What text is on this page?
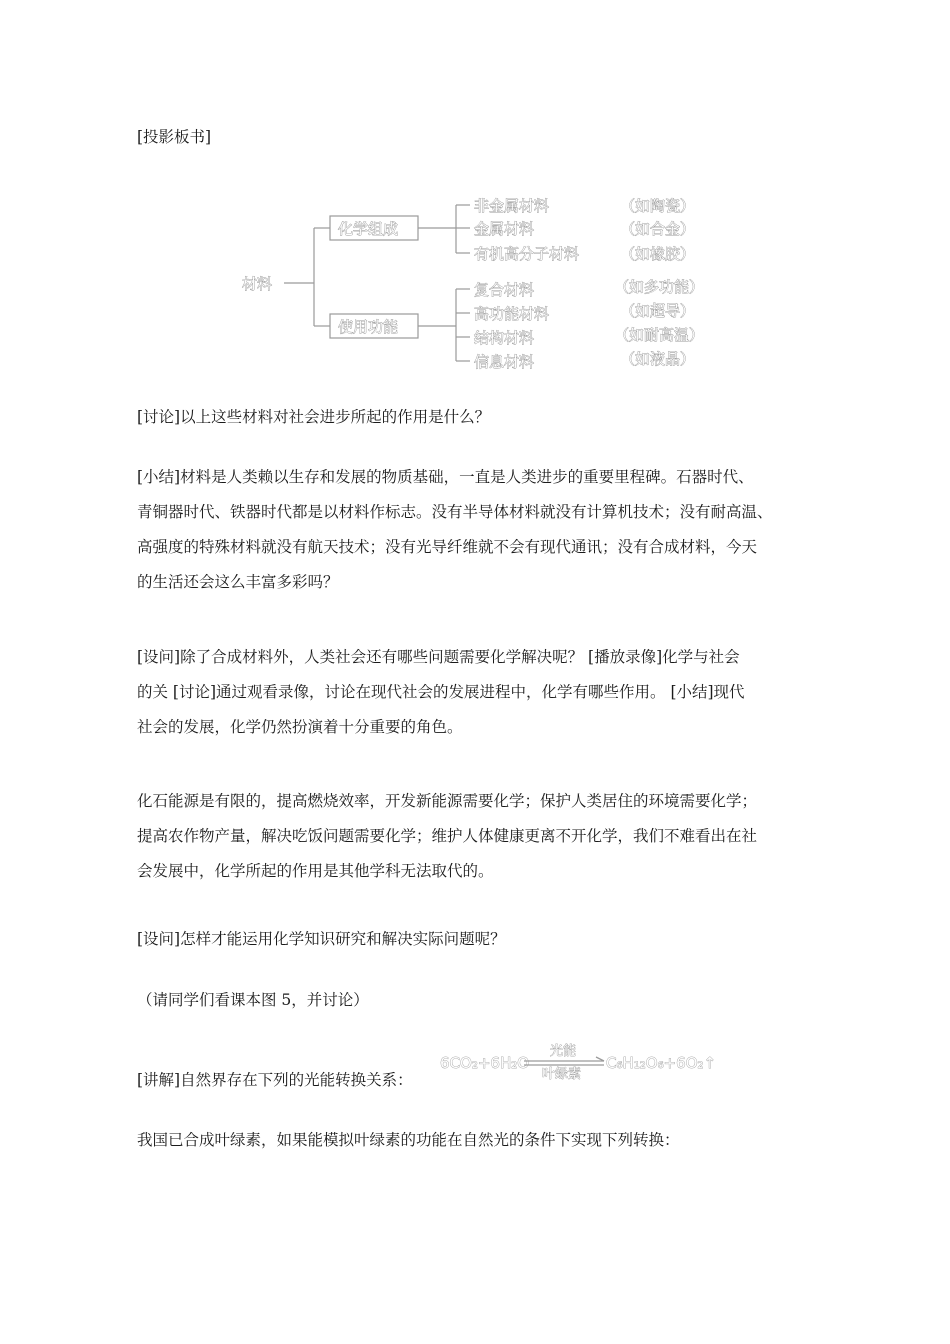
[投影板书]

材料
化学组成
使用功能
非金属材料	（如陶瓷）
金属材料	（如合金）
有机高分子材料	（如橡胶）
复合材料	（如多功能）
高功能材料	（如超导）
结构材料	（如耐高温）
信息材料	（如液晶）

[讨论]以上这些材料对社会进步所起的作用是什么？

[小结]材料是人类赖以生存和发展的物质基础，一直是人类进步的重要里程碑。石器时代、
青铜器时代、铁器时代都是以材料作标志。没有半导体材料就没有计算机技术；没有耐高温、
高强度的特殊材料就没有航天技术；没有光导纤维就不会有现代通讯；没有合成材料，今天
的生活还会这么丰富多彩吗？

[设问]除了合成材料外，人类社会还有哪些问题需要化学解决呢？ [播放录像]化学与社会
的关 [讨论]通过观看录像，讨论在现代社会的发展进程中，化学有哪些作用。 [小结]现代
社会的发展，化学仍然扮演着十分重要的角色。

化石能源是有限的，提高燃烧效率，开发新能源需要化学；保护人类居住的环境需要化学；
提高农作物产量，解决吃饭问题需要化学；维护人体健康更离不开化学，我们不难看出在社
会发展中，化学所起的作用是其他学科无法取代的。

[设问]怎样才能运用化学知识研究和解决实际问题呢？

（请同学们看课本图 5，并讨论）

[讲解]自然界存在下列的光能转换关系：

6CO₂+6H₂O
光能
叶绿素
C₆H₁₂O₆+6O₂↑

我国已合成叶绿素，如果能模拟叶绿素的功能在自然光的条件下实现下列转换：
